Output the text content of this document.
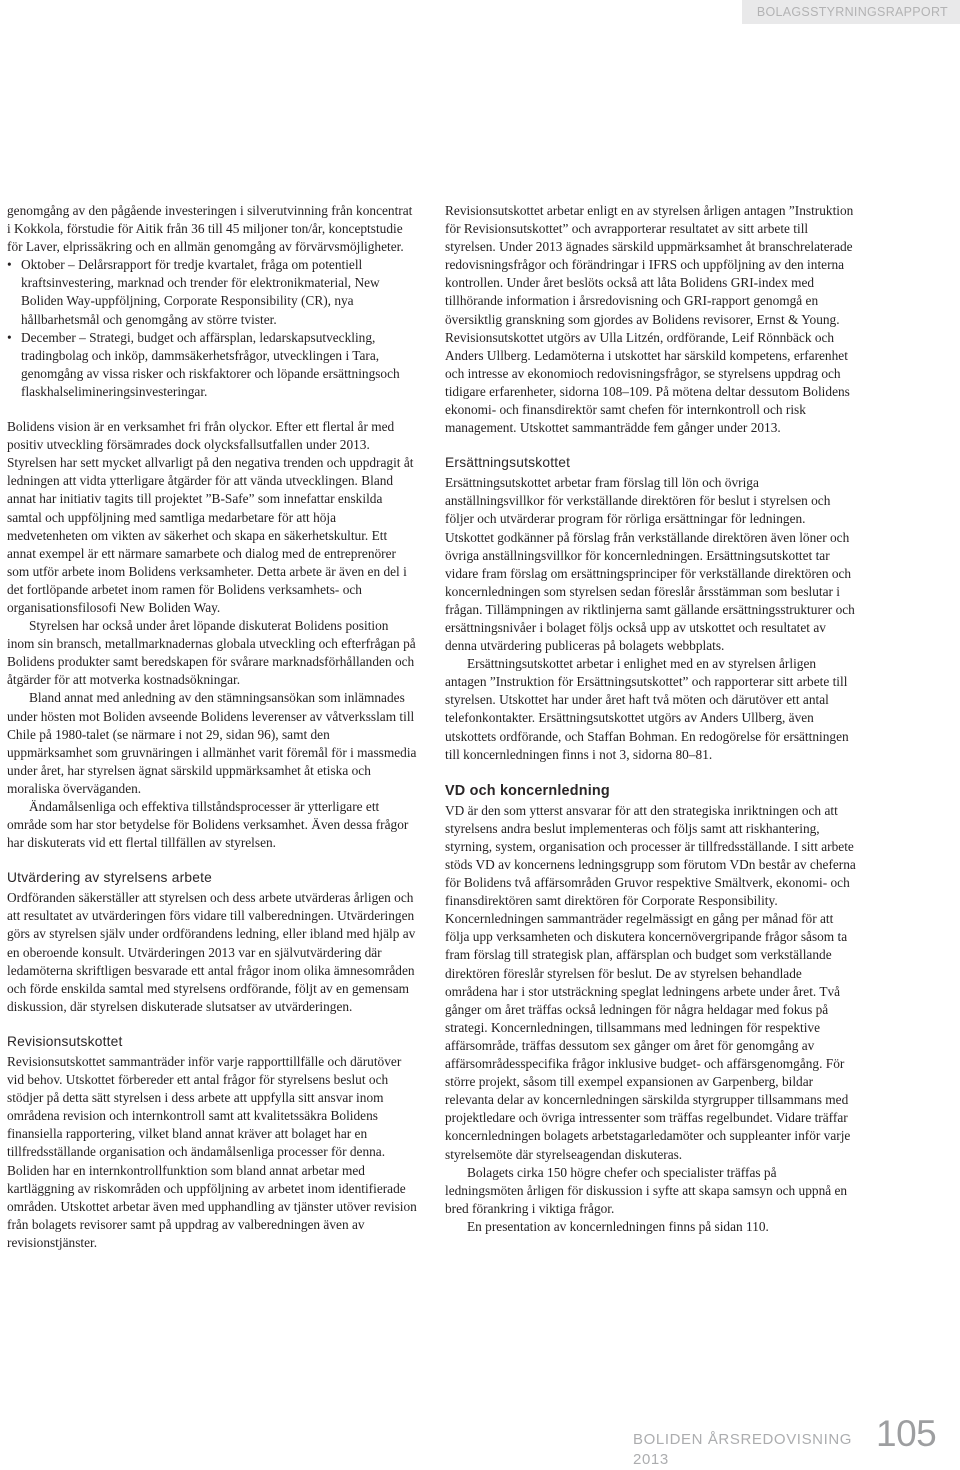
BOLAGSSTYRNINGSRAPPORT

genomgång av den pågående investeringen i silverutvinning från koncentrat i Kokkola, förstudie för Aitik från 36 till 45 miljoner ton/år, konceptstudie för Laver, elprissäkring och en allmän genomgång av förvärvsmöjligheter.

• Oktober – Delårsrapport för tredje kvartalet, fråga om potentiell kraftsinvestering, marknad och trender för elektronikmaterial, New Boliden Way-uppföljning, Corporate Responsibility (CR), nya hållbarhetsmål och genomgång av större tvister.
• December – Strategi, budget och affärsplan, ledarskapsutveckling, tradingbolag och inköp, dammsäkerhetsfrågor, utvecklingen i Tara, genomgång av vissa risker och riskfaktorer och löpande ersättningsoch flaskhalselimineringsinvesteringar.

Bolidens vision är en verksamhet fri från olyckor. Efter ett flertal år med positiv utveckling försämrades dock olycksfallsutfallen under 2013. Styrelsen har sett mycket allvarligt på den negativa trenden och uppdragit åt ledningen att vidta ytterligare åtgärder för att vända utvecklingen. Bland annat har initiativ tagits till projektet ”B-Safe” som innefattar enskilda samtal och uppföljning med samtliga medarbetare för att höja medvetenheten om vikten av säkerhet och skapa en säkerhetskultur. Ett annat exempel är ett närmare samarbete och dialog med de entreprenörer som utför arbete inom Bolidens verksamheter. Detta arbete är även en del i det fortlöpande arbetet inom ramen för Bolidens verksamhets- och organisationsfilosofi New Boliden Way.

Styrelsen har också under året löpande diskuterat Bolidens position inom sin bransch, metallmarknadernas globala utveckling och efterfrågan på Bolidens produkter samt beredskapen för svårare marknadsförhållanden och åtgärder för att motverka kostnadsökningar.

Bland annat med anledning av den stämningsansökan som inlämnades under hösten mot Boliden avseende Bolidens leverenser av våtverksslam till Chile på 1980-talet (se närmare i not 29, sidan 96), samt den uppmärksamhet som gruvnäringen i allmänhet varit föremål för i massmedia under året, har styrelsen ägnat särskild uppmärksamhet åt etiska och moraliska överväganden.

Ändamålsenliga och effektiva tillståndsprocesser är ytterligare ett område som har stor betydelse för Bolidens verksamhet. Även dessa frågor har diskuterats vid ett flertal tillfällen av styrelsen.

Utvärdering av styrelsens arbete

Ordföranden säkerställer att styrelsen och dess arbete utvärderas årligen och att resultatet av utvärderingen förs vidare till valberedningen. Utvärderingen görs av styrelsen själv under ordförandens ledning, eller ibland med hjälp av en oberoende konsult. Utvärderingen 2013 var en självutvärdering där ledamöterna skriftligen besvarade ett antal frågor inom olika ämnesområden och förde enskilda samtal med styrelsens ordförande, följt av en gemensam diskussion, där styrelsen diskuterade slutsatser av utvärderingen.

Revisionsutskottet

Revisionsutskottet sammanträder inför varje rapporttillfälle och därutöver vid behov. Utskottet förbereder ett antal frågor för styrelsens beslut och stödjer på detta sätt styrelsen i dess arbete att uppfylla sitt ansvar inom områdena revision och internkontroll samt att kvalitetssäkra Bolidens finansiella rapportering, vilket bland annat kräver att bolaget har en tillfredsställande organisation och ändamålsenliga processer för denna. Boliden har en internkontrollfunktion som bland annat arbetar med kartläggning av riskområden och uppföljning av arbetet inom identifierade områden. Utskottet arbetar även med upphandling av tjänster utöver revision från bolagets revisorer samt på uppdrag av valberedningen även av revisionstjänster.

Revisionsutskottet arbetar enligt en av styrelsen årligen antagen ”Instruktion för Revisionsutskottet” och avrapporterar resultatet av sitt arbete till styrelsen. Under 2013 ägnades särskild uppmärksamhet åt branschrelaterade redovisningsfrågor och förändringar i IFRS och uppföljning av den interna kontrollen. Under året beslöts också att låta Bolidens GRI-index med tillhörande information i årsredovisning och GRI-rapport genomgå en översiktlig granskning som gjordes av Bolidens revisorer, Ernst & Young. Revisionsutskottet utgörs av Ulla Litzén, ordförande, Leif Rönnbäck och Anders Ullberg. Ledamöterna i utskottet har särskild kompetens, erfarenhet och intresse av ekonomioch redovisningsfrågor, se styrelsens uppdrag och tidigare erfarenheter, sidorna 108–109. På mötena deltar dessutom Bolidens ekonomi- och finansdirektör samt chefen för internkontroll och risk management. Utskottet sammanträdde fem gånger under 2013.

Ersättningsutskottet

Ersättningsutskottet arbetar fram förslag till lön och övriga anställningsvillkor för verkställande direktören för beslut i styrelsen och följer och utvärderar program för rörliga ersättningar för ledningen. Utskottet godkänner på förslag från verkställande direktören även löner och övriga anställningsvillkor för koncernledningen. Ersättningsutskottet tar vidare fram förslag om ersättningsprinciper för verkställande direktören och koncernledningen som styrelsen sedan föreslår årsstämman som beslutar i frågan. Tillämpningen av riktlinjerna samt gällande ersättningsstrukturer och ersättningsnivåer i bolaget följs också upp av utskottet och resultatet av denna utvärdering publiceras på bolagets webbplats.

Ersättningsutskottet arbetar i enlighet med en av styrelsen årligen antagen ”Instruktion för Ersättningsutskottet” och rapporterar sitt arbete till styrelsen. Utskottet har under året haft två möten och därutöver ett antal telefonkontakter. Ersättningsutskottet utgörs av Anders Ullberg, även utskottets ordförande, och Staffan Bohman. En redogörelse för ersättningen till koncernledningen finns i not 3, sidorna 80–81.

VD och koncernledning

VD är den som ytterst ansvarar för att den strategiska inriktningen och att styrelsens andra beslut implementeras och följs samt att riskhantering, styrning, system, organisation och processer är tillfredsställande. I sitt arbete stöds VD av koncernens ledningsgrupp som förutom VDn består av cheferna för Bolidens två affärsområden Gruvor respektive Smältverk, ekonomi- och finansdirektören samt direktören för Corporate Responsibility. Koncernledningen sammanträder regelmässigt en gång per månad för att följa upp verksamheten och diskutera koncernövergripande frågor såsom ta fram förslag till strategisk plan, affärsplan och budget som verkställande direktören föreslår styrelsen för beslut. De av styrelsen behandlade områdena har i stor utsträckning speglat ledningens arbete under året. Två gånger om året träffas också ledningen för några heldagar med fokus på strategi. Koncernledningen, tillsammans med ledningen för respektive affärsområde, träffas dessutom sex gånger om året för genomgång av affärsområdesspecifika frågor inklusive budget- och affärsgenomgång. För större projekt, såsom till exempel expansionen av Garpenberg, bildar relevanta delar av koncernledningen särskilda styrgrupper tillsammans med projektledare och övriga intressenter som träffas regelbundet. Vidare träffar koncernledningen bolagets arbetstagarledamöter och suppleanter inför varje styrelsemöte där styrelseagendan diskuteras.

Bolagets cirka 150 högre chefer och specialister träffas på ledningsmöten årligen för diskussion i syfte att skapa samsyn och uppnå en bred förankring i viktiga frågor.

En presentation av koncernledningen finns på sidan 110.

BOLIDEN ÅRSREDOVISNING 2013
105
